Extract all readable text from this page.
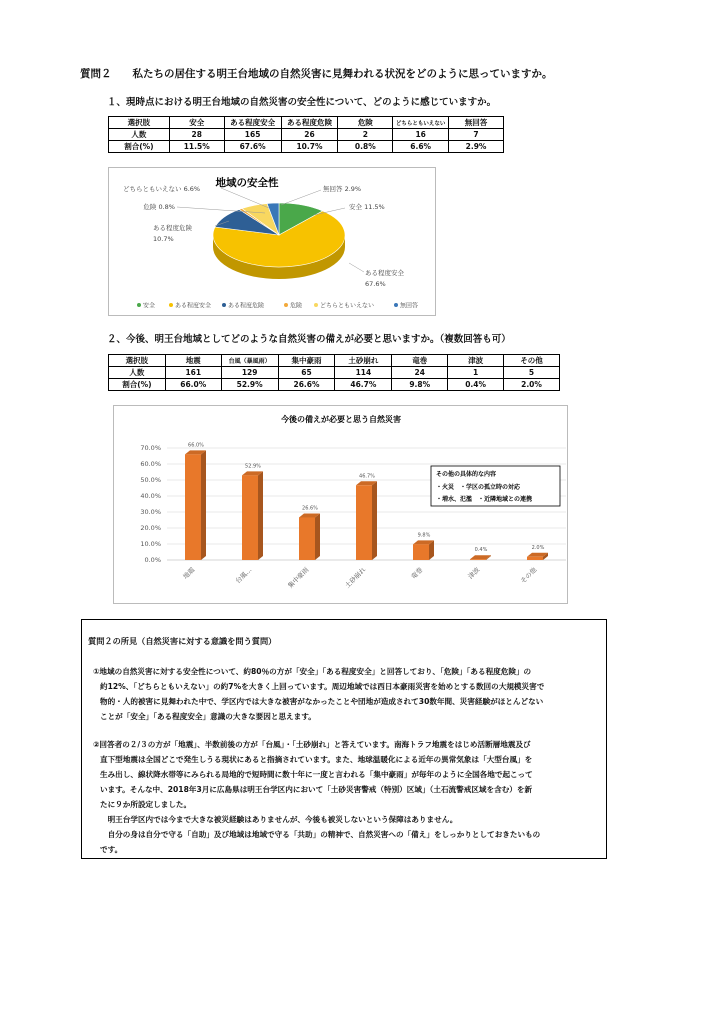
質問２　　私たちの居住する明王台地域の自然災害に見舞われる状況をどのように思っていますか。
１、現時点における明王台地域の自然災害の安全性について、どのように感じていますか。
選択肢	安全	ある程度安全	ある程度危険	危険	どちらともいえない	無回答
人数	28	165	26	2	16	7
割合(%)	11.5%	67.6%	10.7%	0.8%	6.6%	2.9%
地域の安全性
安全 11.5%
ある程度安全
67.6%
ある程度危険
10.7%
危険 0.8%
どちらともいえない 6.6%	無回答 2.9%
安全	ある程度安全	ある程度危険	危険	どちらともいえない	無回答
２、今後、明王台地域としてどのような自然災害の備えが必要と思いますか。（複数回答も可）
選択肢	地震	台風（暴風雨）	集中豪雨	土砂崩れ	竜巻	津波	その他
人数	161	129	65	114	24	1	5
割合(%)	66.0%	52.9%	26.6%	46.7%	9.8%	0.4%	2.0%
今後の備えが必要と思う自然災害
0.0%
10.0%
20.0%
30.0%
40.0%
50.0%
60.0%
70.0%	66.0%
地震
52.9%
台風…
26.6%
集中豪雨
46.7%
土砂崩れ
9.8%
竜巻
0.4%
津波
2.0%
その他
その他の具体的な内容
・火災　・学区の孤立時の対応
・増水、氾濫　・近隣地域との連携

質問２の所見（自然災害に対する意識を問う質問）

①地域の自然災害に対する安全性について、約80％の方が「安全」「ある程度安全」と回答しており、「危険」「ある程度危険」の

約12%、「どちらともいえない」の約7%を大きく上回っています。周辺地域では西日本豪雨災害を始めとする数回の大規模災害で

物的・人的被害に見舞われた中で、学区内では大きな被害がなかったことや団地が造成されて30数年間、災害経験がほとんどない

ことが「安全」「ある程度安全」意識の大きな要因と思えます。

②回答者の２/３の方が「地震」、半数前後の方が「台風」・「土砂崩れ」と答えています。南海トラフ地震をはじめ活断層地震及び

直下型地震は全国どこで発生しうる現状にあると指摘されています。また、地球温暖化による近年の異常気象は「大型台風」を

生み出し、線状降水帯等にみられる局地的で短時間に数十年に一度と言われる「集中豪雨」が毎年のように全国各地で起こって

います。そんな中、2018年3月に広島県は明王台学区内において「土砂災害警戒（特別）区域」（土石流警戒区域を含む）を新

たに９か所設定しました。

　明王台学区内では今まで大きな被災経験はありませんが、今後も被災しないという保障はありません。

　自分の身は自分で守る「自助」及び地域は地域で守る「共助」の精神で、自然災害への「備え」をしっかりとしておきたいもの

です。
